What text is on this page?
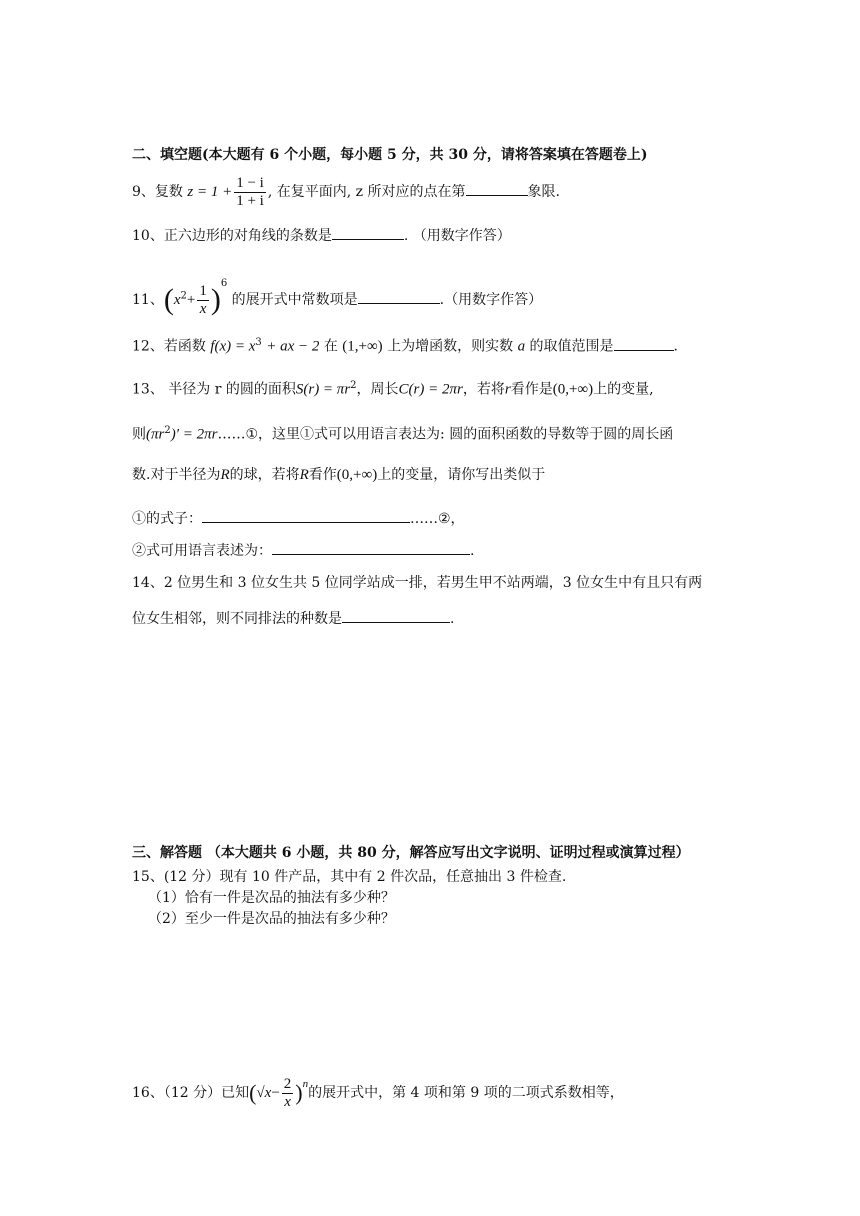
二、填空题(本大题有 6 个小题，每小题 5 分，共 30 分，请将答案填在答题卷上)
9、复数 $z = 1 + \frac{1 - i}{1 + i}$ , 在复平面内, z 所对应的点在第	象限.
10、正六边形的对角线的条数是	. （用数字作答）
11、$(x^2+ \frac{1}{x} )^6$ 的展开式中常数项是	.（用数字作答）
12、若函数 $f(x) = x^3$ + ax − 2 在 (1,+∞) 上为增函数，则实数 a 的取值范围是	.
13、 半径为 r 的圆的面积$S(r) = \pi r^2$，周长C(r) = 2πr，若将r看作是(0,+∞)上的变量,
则$(\pi r^2)'$ = 2πr……①，这里①式可以用语言表达为: 圆的面积函数的导数等于圆的周长函
数.对于半径为R的球，若将R看作(0,+∞)上的变量，请你写出类似于
①的式子：	……②，
②式可用语言表述为：	.
14、2 位男生和 3 位女生共 5 位同学站成一排，若男生甲不站两端，3 位女生中有且只有两
位女生相邻，则不同排法的种数是	.
三、解答题 （本大题共 6 小题，共 80 分，解答应写出文字说明、证明过程或演算过程）
15、(12 分）现有 10 件产品，其中有 2 件次品，任意抽出 3 件检查.
（1）恰有一件是次品的抽法有多少种？
（2）至少一件是次品的抽法有多少种？
16、（12 分）已知$(√x- \frac{2}{x} )^n$的展开式中，第 4 项和第 9 项的二项式系数相等，
